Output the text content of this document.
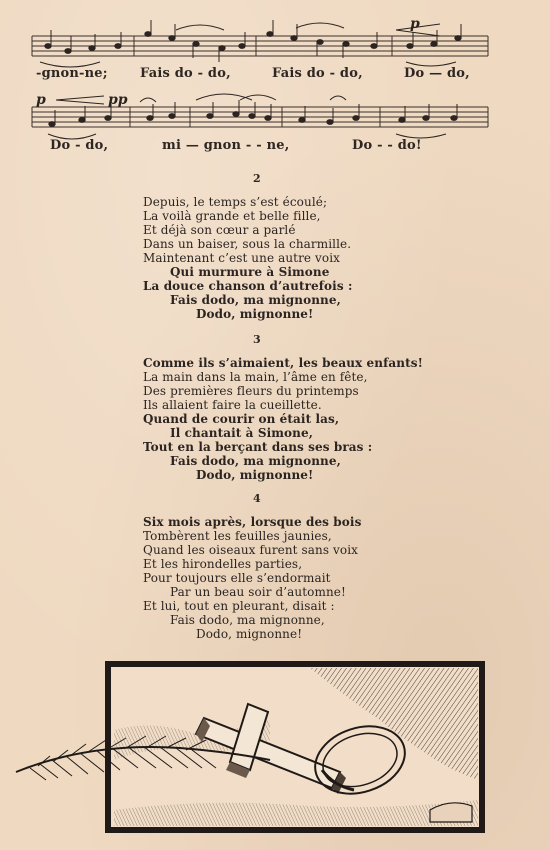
p
p	pp
-gnon-ne; Fais do - do,	Fais do - do,	Do — do,
Do - do,	mi — gnon - - ne,	Do - - do!
2
Depuis, le temps s’est écoulé;
La voilà grande et belle fille,
Et déjà son cœur a parlé
Dans un baiser, sous la charmille.
Maintenant c’est une autre voix
Qui murmure à Simone
La douce chanson d’autrefois :
Fais dodo, ma mignonne,
Dodo, mignonne!
3
Comme ils s’aimaient, les beaux enfants!
La main dans la main, l’âme en fête,
Des premières fleurs du printemps
Ils allaient faire la cueillette.
Quand de courir on était las,
Il chantait à Simone,
Tout en la berçant dans ses bras :
Fais dodo, ma mignonne,
Dodo, mignonne!
4
Six mois après, lorsque des bois
Tombèrent les feuilles jaunies,
Quand les oiseaux furent sans voix
Et les hirondelles parties,
Pour toujours elle s’endormait
Par un beau soir d’automne!
Et lui, tout en pleurant, disait :
Fais dodo, ma mignonne,
Dodo, mignonne!
